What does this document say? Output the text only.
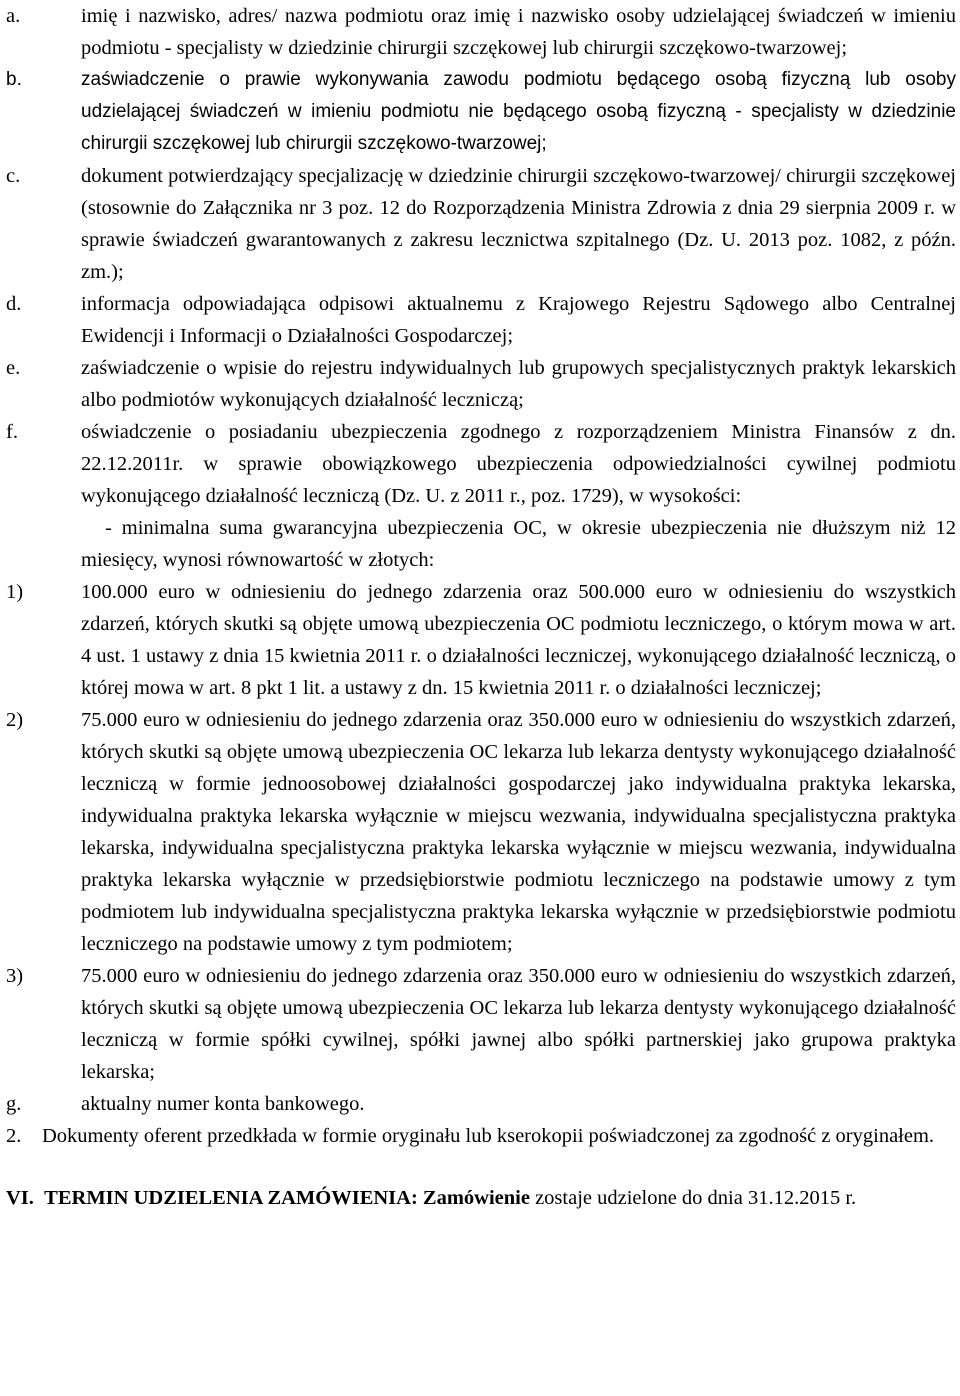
a.	imię i nazwisko, adres/ nazwa podmiotu oraz imię i nazwisko osoby udzielającej świadczeń w imieniu podmiotu - specjalisty w dziedzinie chirurgii szczękowej lub chirurgii szczękowo-twarzowej;
b.	zaświadczenie o prawie wykonywania zawodu podmiotu będącego osobą fizyczną lub osoby udzielającej świadczeń w imieniu podmiotu nie będącego osobą fizyczną - specjalisty w dziedzinie chirurgii szczękowej lub chirurgii szczękowo-twarzowej;
c.	dokument potwierdzający specjalizację w dziedzinie chirurgii szczękowo-twarzowej/ chirurgii szczękowej (stosownie do Załącznika nr 3 poz. 12 do Rozporządzenia Ministra Zdrowia z dnia 29 sierpnia 2009 r. w sprawie świadczeń gwarantowanych z zakresu lecznictwa szpitalnego (Dz. U. 2013 poz. 1082, z późn. zm.);
d.	informacja odpowiadająca odpisowi aktualnemu z Krajowego Rejestru Sądowego albo Centralnej Ewidencji i Informacji o Działalności Gospodarczej;
e.	zaświadczenie o wpisie do rejestru indywidualnych lub grupowych specjalistycznych praktyk lekarskich albo podmiotów wykonujących działalność leczniczą;
f.	oświadczenie o posiadaniu ubezpieczenia zgodnego z rozporządzeniem Ministra Finansów z dn. 22.12.2011r. w sprawie obowiązkowego ubezpieczenia odpowiedzialności cywilnej podmiotu wykonującego działalność leczniczą (Dz. U. z 2011 r., poz. 1729), w wysokości:
- minimalna suma gwarancyjna ubezpieczenia OC, w okresie ubezpieczenia nie dłuższym niż 12 miesięcy, wynosi równowartość w złotych:
1)	100.000 euro w odniesieniu do jednego zdarzenia oraz 500.000 euro w odniesieniu do wszystkich zdarzeń, których skutki są objęte umową ubezpieczenia OC podmiotu leczniczego, o którym mowa w art. 4 ust. 1 ustawy z dnia 15 kwietnia 2011 r. o działalności leczniczej, wykonującego działalność leczniczą, o której mowa w art. 8 pkt 1 lit. a ustawy z dn. 15 kwietnia 2011 r. o działalności leczniczej;
2)	75.000 euro w odniesieniu do jednego zdarzenia oraz 350.000 euro w odniesieniu do wszystkich zdarzeń, których skutki są objęte umową ubezpieczenia OC lekarza lub lekarza dentysty wykonującego działalność leczniczą w formie jednoosobowej działalności gospodarczej jako indywidualna praktyka lekarska, indywidualna praktyka lekarska wyłącznie w miejscu wezwania, indywidualna specjalistyczna praktyka lekarska, indywidualna specjalistyczna praktyka lekarska wyłącznie w miejscu wezwania, indywidualna praktyka lekarska wyłącznie w przedsiębiorstwie podmiotu leczniczego na podstawie umowy z tym podmiotem lub indywidualna specjalistyczna praktyka lekarska wyłącznie w przedsiębiorstwie podmiotu leczniczego na podstawie umowy z tym podmiotem;
3)	75.000 euro w odniesieniu do jednego zdarzenia oraz 350.000 euro w odniesieniu do wszystkich zdarzeń, których skutki są objęte umową ubezpieczenia OC lekarza lub lekarza dentysty wykonującego działalność leczniczą w formie spółki cywilnej, spółki jawnej albo spółki partnerskiej jako grupowa praktyka lekarska;
g.	aktualny numer konta bankowego.
2. Dokumenty oferent przedkłada w formie oryginału lub kserokopii poświadczonej za zgodność z oryginałem.
VI. TERMIN UDZIELENIA ZAMÓWIENIA: Zamówienie zostaje udzielone do dnia 31.12.2015 r.
